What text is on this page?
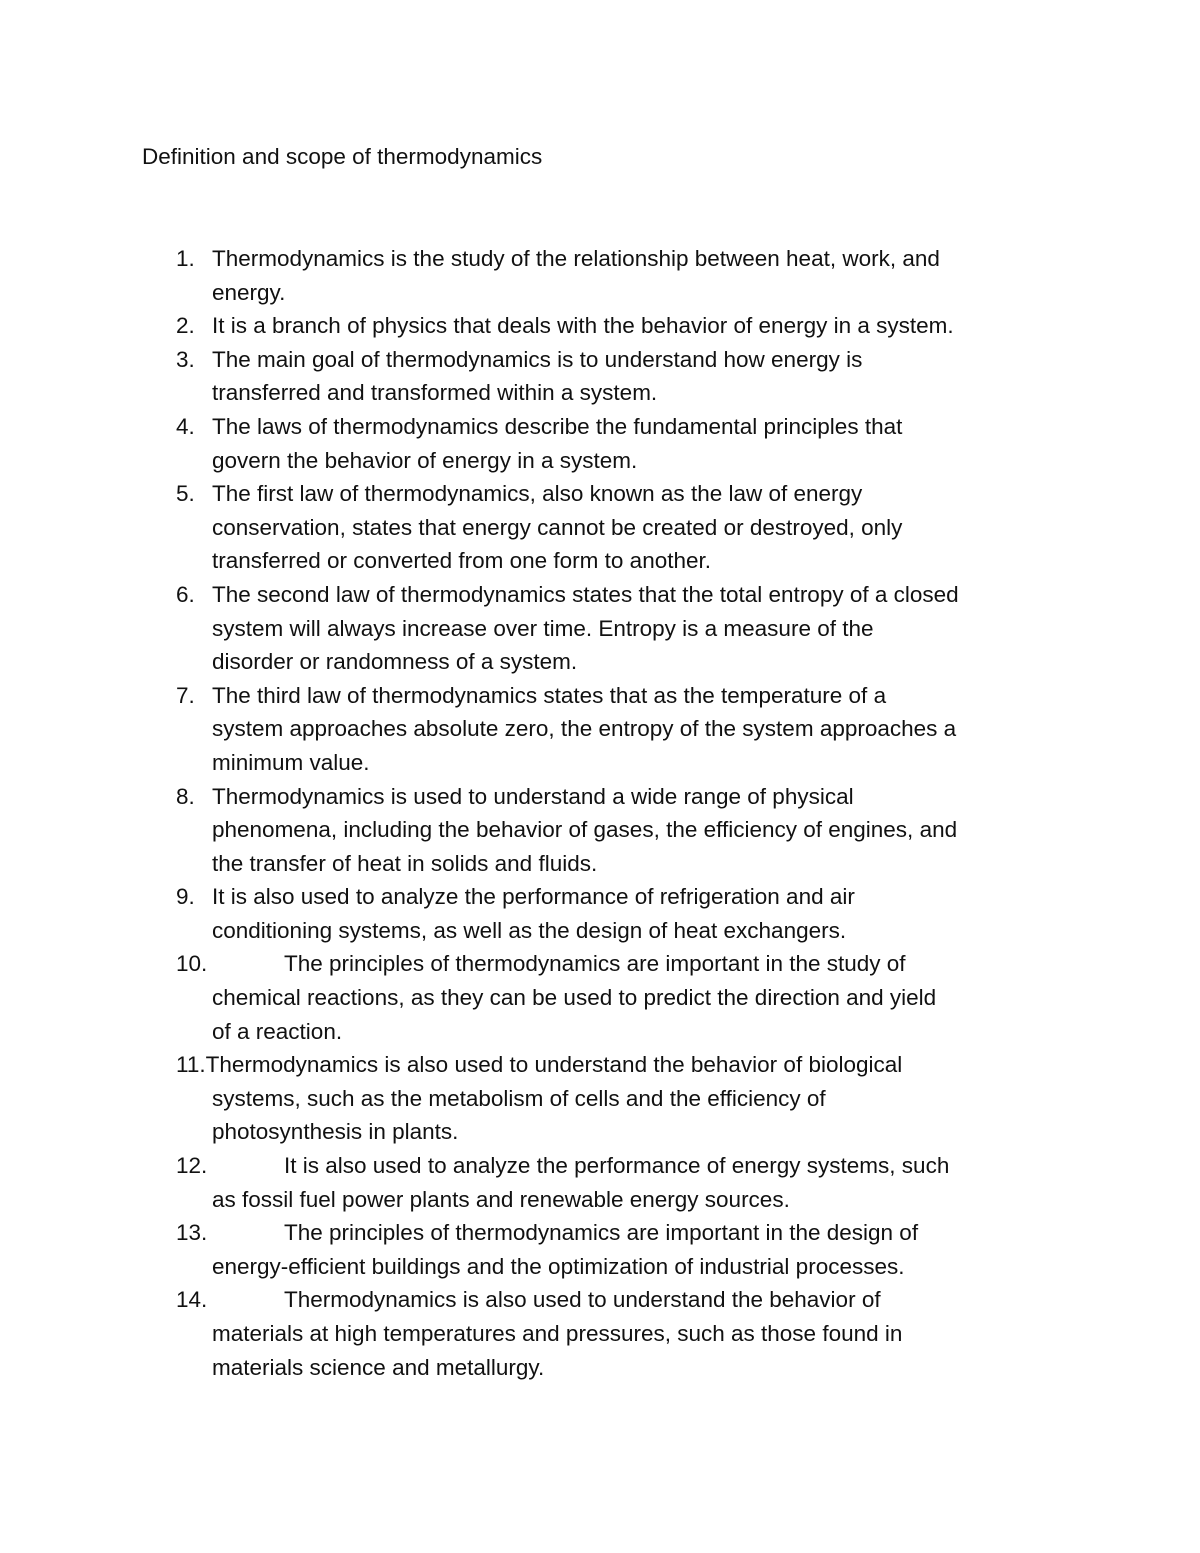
Definition and scope of thermodynamics
1. Thermodynamics is the study of the relationship between heat, work, and
energy.
2. It is a branch of physics that deals with the behavior of energy in a system.
3. The main goal of thermodynamics is to understand how energy is
transferred and transformed within a system.
4. The laws of thermodynamics describe the fundamental principles that
govern the behavior of energy in a system.
5. The first law of thermodynamics, also known as the law of energy
conservation, states that energy cannot be created or destroyed, only
transferred or converted from one form to another.
6. The second law of thermodynamics states that the total entropy of a closed
system will always increase over time. Entropy is a measure of the
disorder or randomness of a system.
7. The third law of thermodynamics states that as the temperature of a
system approaches absolute zero, the entropy of the system approaches a
minimum value.
8. Thermodynamics is used to understand a wide range of physical
phenomena, including the behavior of gases, the efficiency of engines, and
the transfer of heat in solids and fluids.
9. It is also used to analyze the performance of refrigeration and air
conditioning systems, as well as the design of heat exchangers.
10.	The principles of thermodynamics are important in the study of
chemical reactions, as they can be used to predict the direction and yield
of a reaction.
11.Thermodynamics is also used to understand the behavior of biological
systems, such as the metabolism of cells and the efficiency of
photosynthesis in plants.
12.	It is also used to analyze the performance of energy systems, such
as fossil fuel power plants and renewable energy sources.
13.	The principles of thermodynamics are important in the design of
energy-efficient buildings and the optimization of industrial processes.
14.	Thermodynamics is also used to understand the behavior of
materials at high temperatures and pressures, such as those found in
materials science and metallurgy.
